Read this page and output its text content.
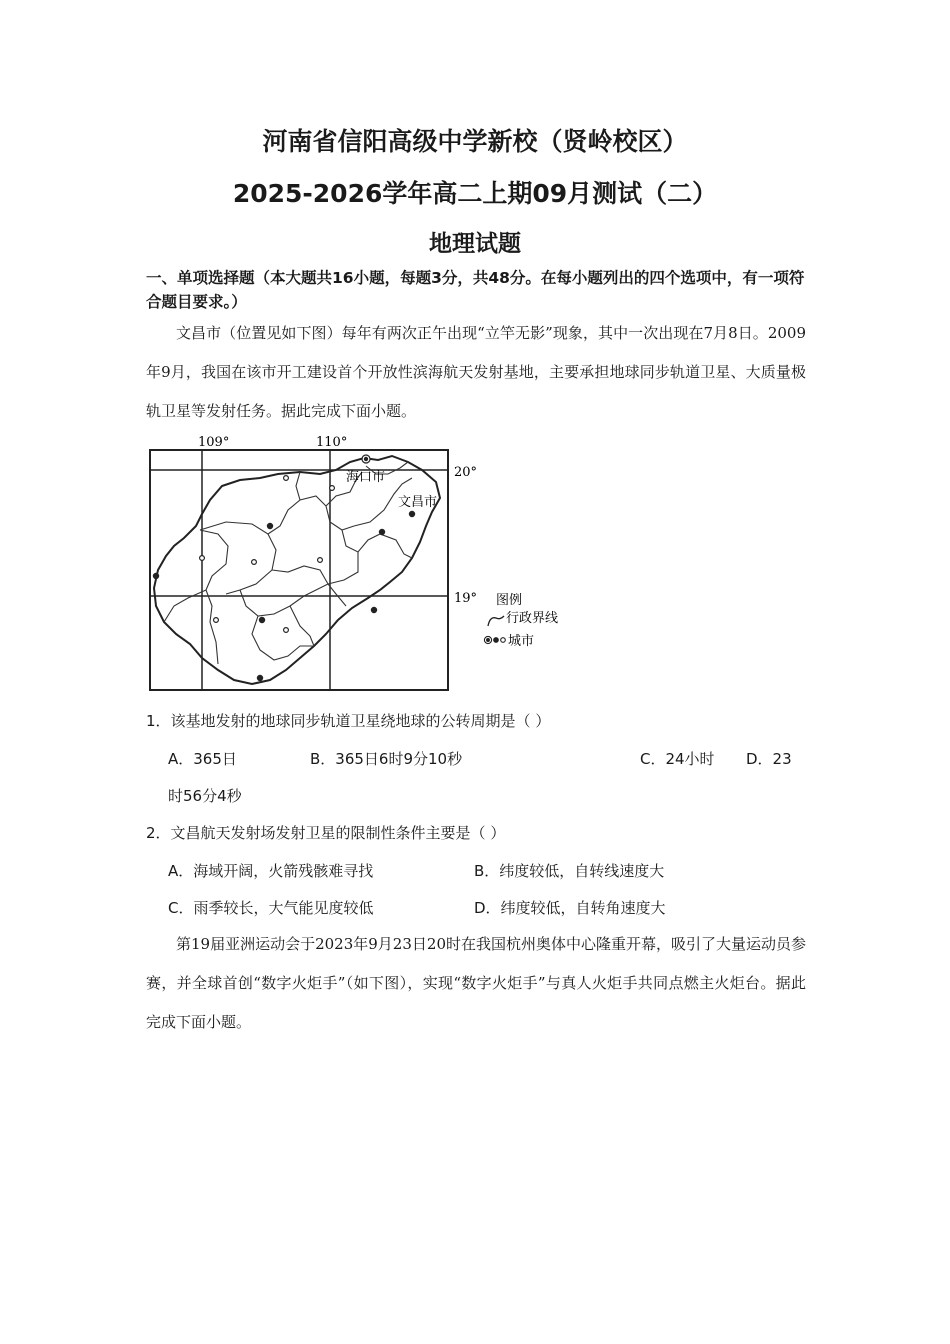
河南省信阳高级中学新校（贤岭校区）
2025-2026学年高二上期09月测试（二）
地理试题
一、单项选择题（本大题共16小题，每题3分，共48分。在每小题列出的四个选项中，有一项符合题目要求。）
文昌市（位置见如下图）每年有两次正午出现“立竿无影”现象，其中一次出现在7月8日。2009年9月，我国在该市开工建设首个开放性滨海航天发射基地，主要承担地球同步轨道卫星、大质量极轨卫星等发射任务。据此完成下面小题。
109°	110°
20°
19°
海口市
文昌市
图例
行政界线
城市
1．该基地发射的地球同步轨道卫星绕地球的公转周期是（ ）
A．365日	B．365日6时9分10秒	C．24小时 D．23
时56分4秒
2．文昌航天发射场发射卫星的限制性条件主要是（ ）
A．海域开阔，火箭残骸难寻找	B．纬度较低，自转线速度大
C．雨季较长，大气能见度较低	D．纬度较低，自转角速度大
第19届亚洲运动会于2023年9月23日20时在我国杭州奥体中心隆重开幕，吸引了大量运动员参赛，并全球首创“数字火炬手”（如下图），实现“数字火炬手”与真人火炬手共同点燃主火炬台。据此完成下面小题。
